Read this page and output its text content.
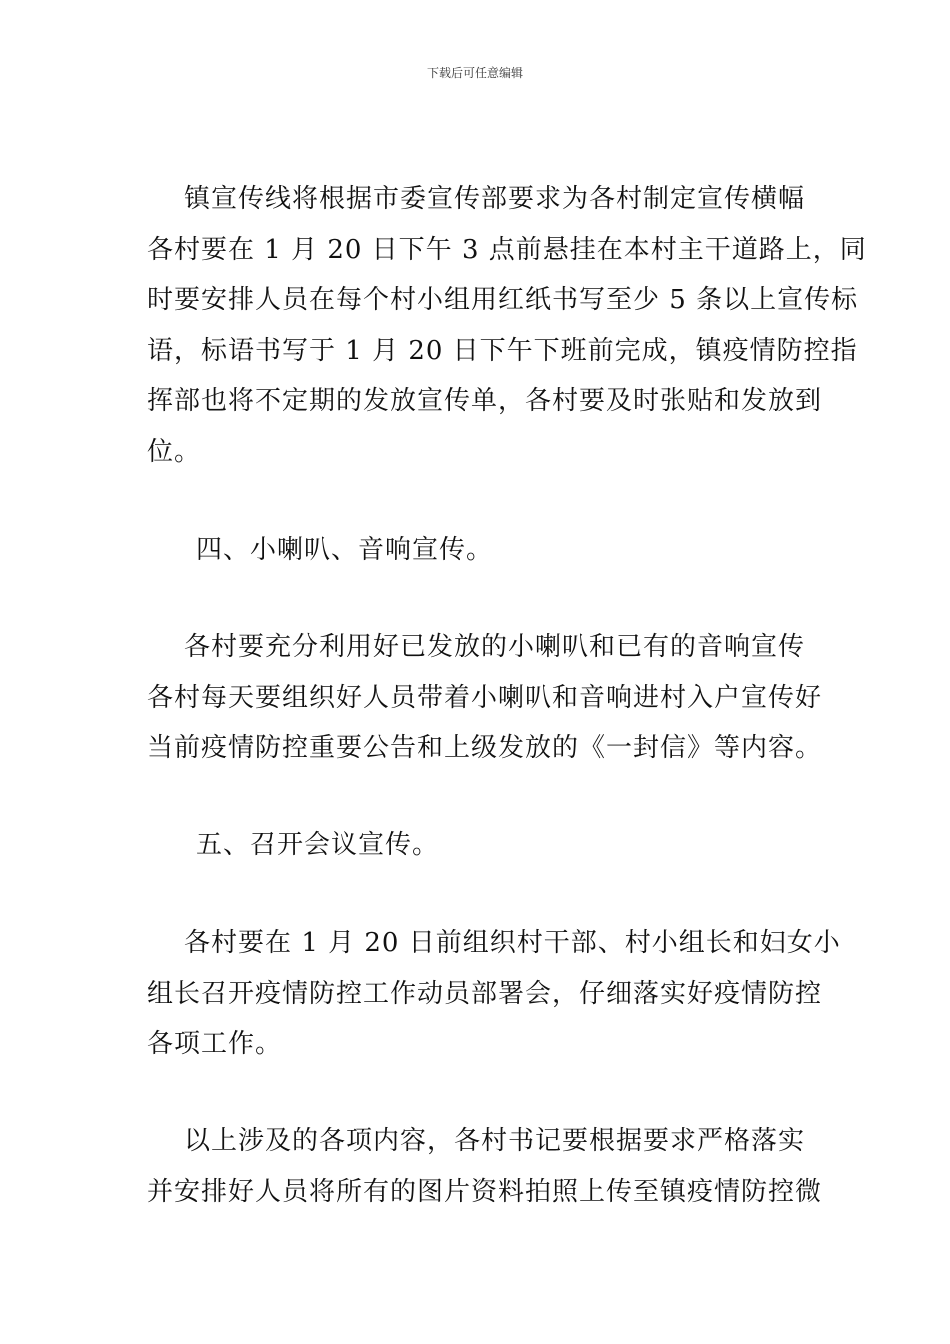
下载后可任意编辑
镇宣传线将根据市委宣传部要求为各村制定宣传横幅
各村要在 1 月 20 日下午 3 点前悬挂在本村主干道路上，同
时要安排人员在每个村小组用红纸书写至少 5 条以上宣传标
语，标语书写于 1 月 20 日下午下班前完成，镇疫情防控指
挥部也将不定期的发放宣传单，各村要及时张贴和发放到
位。
四、小喇叭、音响宣传。
各村要充分利用好已发放的小喇叭和已有的音响宣传
各村每天要组织好人员带着小喇叭和音响进村入户宣传好
当前疫情防控重要公告和上级发放的《一封信》等内容。
五、召开会议宣传。
各村要在 1 月 20 日前组织村干部、村小组长和妇女小
组长召开疫情防控工作动员部署会，仔细落实好疫情防控
各项工作。
以上涉及的各项内容，各村书记要根据要求严格落实
并安排好人员将所有的图片资料拍照上传至镇疫情防控微
